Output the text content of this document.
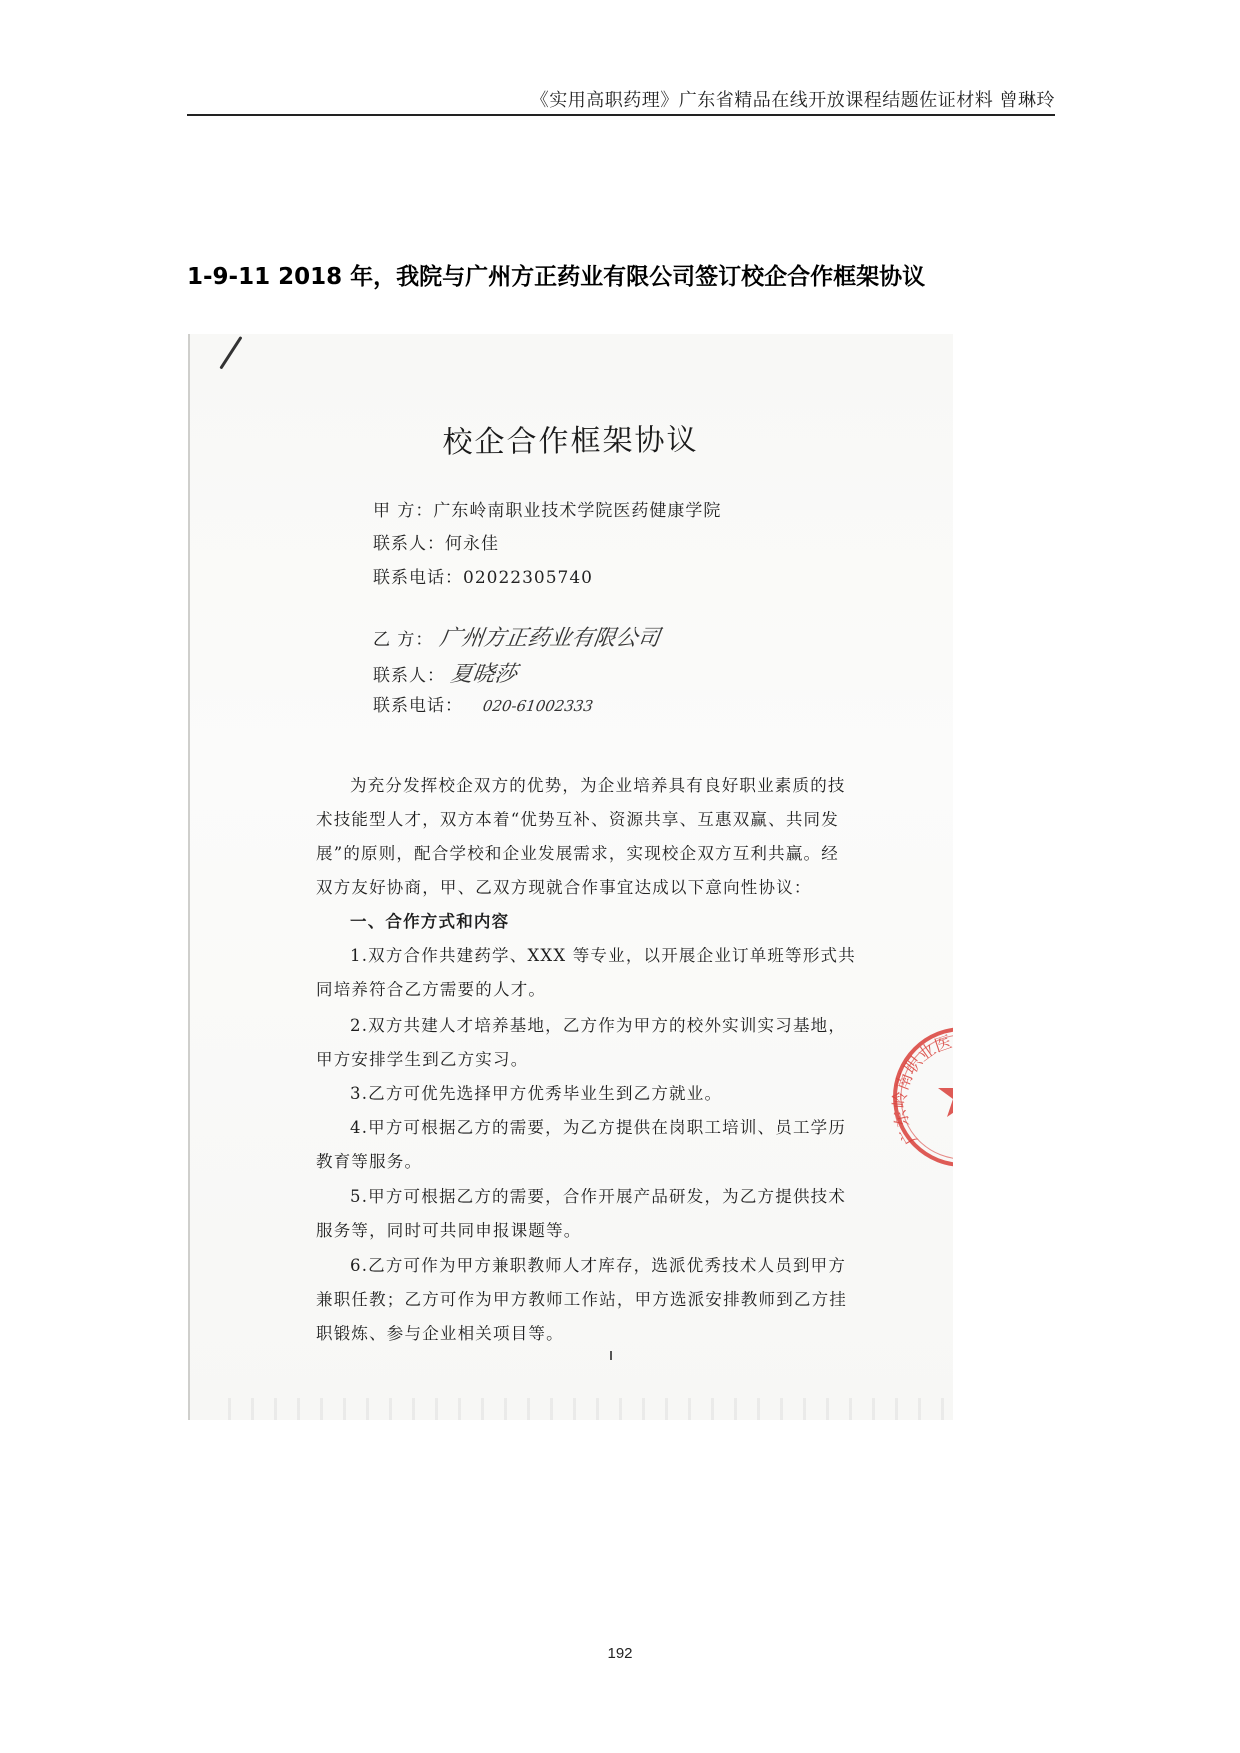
《实用高职药理》广东省精品在线开放课程结题佐证材料 曾琳玲
1-9-11 2018 年，我院与广州方正药业有限公司签订校企合作框架协议
校企合作框架协议
甲 方：广东岭南职业技术学院医药健康学院
联系人：何永佳
联系电话：02022305740
乙 方： 广州方正药业有限公司
联系人： 夏晓莎
联系电话： 020-61002333
为充分发挥校企双方的优势，为企业培养具有良好职业素质的技
术技能型人才，双方本着“优势互补、资源共享、互惠双赢、共同发
展”的原则，配合学校和企业发展需求，实现校企双方互利共赢。经
双方友好协商，甲、乙双方现就合作事宜达成以下意向性协议：
一、合作方式和内容
1.双方合作共建药学、XXX 等专业，以开展企业订单班等形式共
同培养符合乙方需要的人才。
2.双方共建人才培养基地，乙方作为甲方的校外实训实习基地，
甲方安排学生到乙方实习。
3.乙方可优先选择甲方优秀毕业生到乙方就业。
4.甲方可根据乙方的需要，为乙方提供在岗职工培训、员工学历
教育等服务。
5.甲方可根据乙方的需要，合作开展产品研发，为乙方提供技术
服务等，同时可共同申报课题等。
6.乙方可作为甲方兼职教师人才库存，选派优秀技术人员到甲方
兼职任教；乙方可作为甲方教师工作站，甲方选派安排教师到乙方挂
职锻炼、参与企业相关项目等。
广东岭南职业医药健
192
